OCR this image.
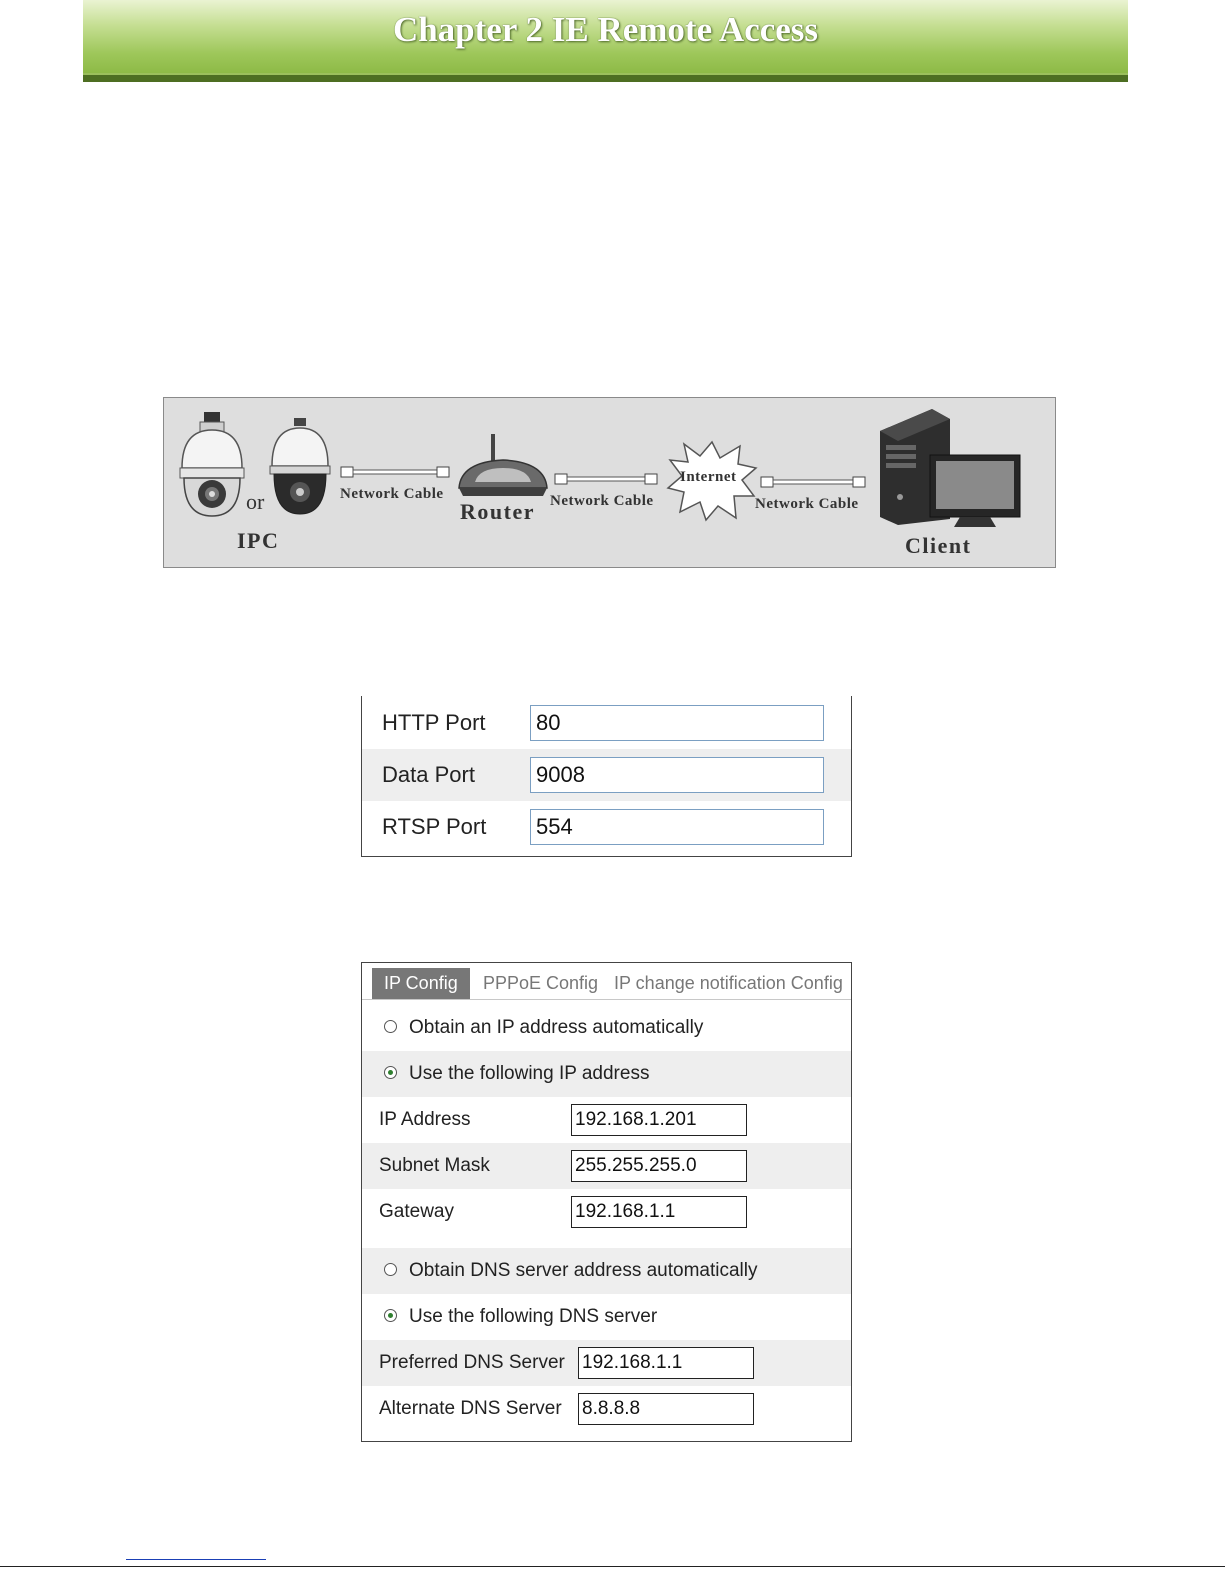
Chapter 2 IE Remote Access
or
IPC
Network Cable
Router Network Cable
Internet
Network Cable
Client
HTTP Port 80
Data Port	9008
RTSP Port 554
IP Config	PPPoE Config IP change notification Config
Obtain an IP address automatically
Use the following IP address
IP Address	192.168.1.201
Subnet Mask	255.255.255.0
Gateway	192.168.1.1
Obtain DNS server address automatically
Use the following DNS server
Preferred DNS Server 192.168.1.1
Alternate DNS Server 8.8.8.8
